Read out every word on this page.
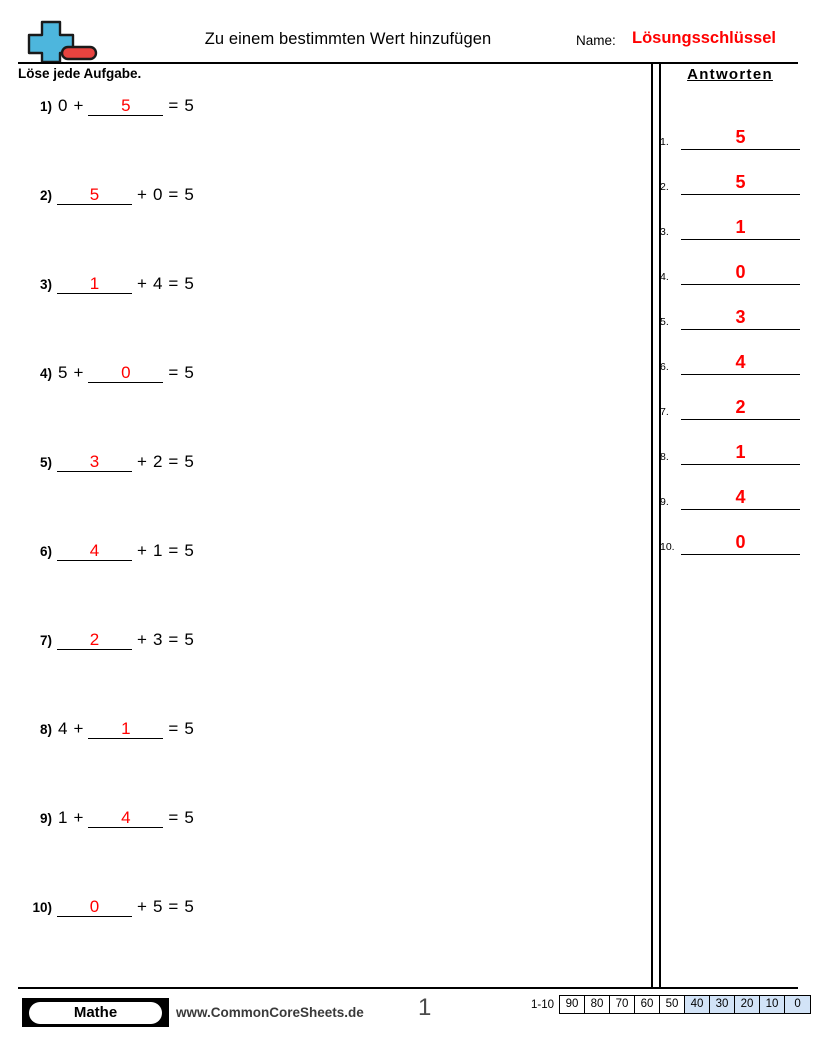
Zu einem bestimmten Wert hinzufügen	Name: Lösungsschlüssel
Löse jede Aufgabe.
1) 0 +	5	= 5
2)	5	+ 0 = 5
3)	1	+ 4 = 5
4) 5 +	0	= 5
5)	3	+ 2 = 5
6)	4	+ 1 = 5
7)	2	+ 3 = 5
8) 4 +	1	= 5
9) 1 +	4	= 5
10)	0	+ 5 = 5
Antworten
1.	5
2.	5
3.	1
4.	0
5.	3
6.	4
7.	2
8.	1
9.	4
10.	0
Mathe	www.CommonCoreSheets.de 1	1-10	90	80	70	60	50	40	30	20	10	0
